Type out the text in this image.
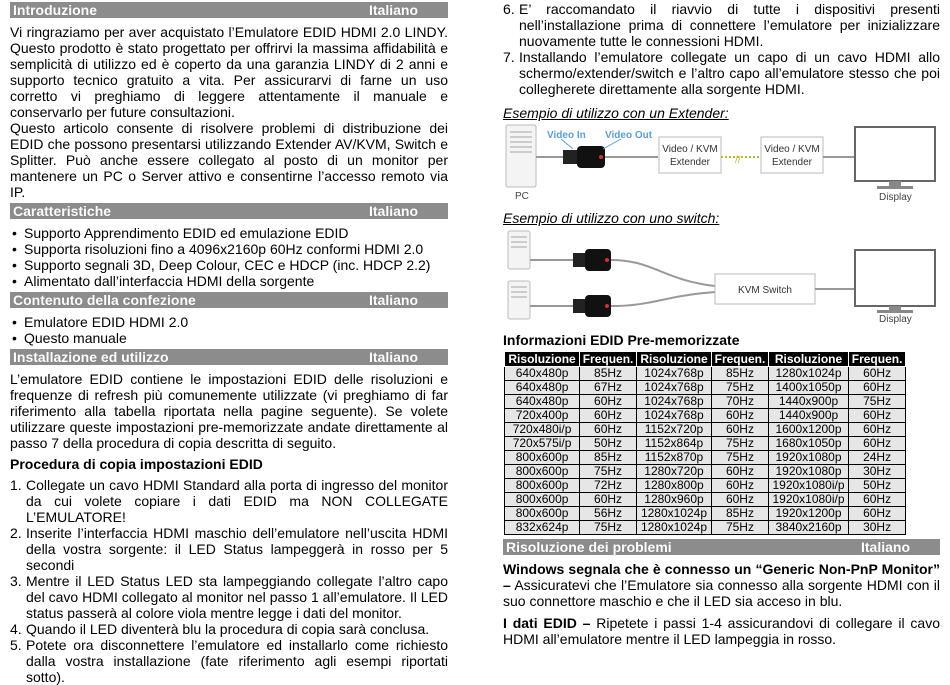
Introduzione	Italiano

Vi ringraziamo per aver acquistato l’Emulatore EDID HDMI 2.0 LINDY. Questo prodotto è stato progettato per offrirvi la massima affidabilità e semplicità di utilizzo ed è coperto da una garanzia LINDY di 2 anni e supporto tecnico gratuito a vita. Per assicurarvi di farne un uso corretto vi preghiamo di leggere attentamente il manuale e conservarlo per future consultazioni.

Questo articolo consente di risolvere problemi di distribuzione dei EDID che possono presentarsi utilizzando Extender AV/KVM, Switch e Splitter. Può anche essere collegato al posto di un monitor per mantenere un PC o Server attivo e consentirne l’accesso remoto via IP.

Caratteristiche	Italiano
• Supporto Apprendimento EDID ed emulazione EDID
• Supporta risoluzioni fino a 4096x2160p 60Hz conformi HDMI 2.0
• Supporto segnali 3D, Deep Colour, CEC e HDCP (inc. HDCP 2.2)
• Alimentato dall’interfaccia HDMI della sorgente
Contenuto della confezione	Italiano
• Emulatore EDID HDMI 2.0
• Questo manuale
Installazione ed utilizzo	Italiano

L’emulatore EDID contiene le impostazioni EDID delle risoluzioni e frequenze di refresh più comunemente utilizzate (vi preghiamo di far riferimento alla tabella riportata nella pagine seguente). Se volete utilizzare queste impostazioni pre-memorizzate andate direttamente al passo 7 della procedura di copia descritta di seguito.

Procedura di copia impostazioni EDID
1. Collegate un cavo HDMI Standard alla porta di ingresso del monitor da cui volete copiare i dati EDID ma NON COLLEGATE L’EMULATORE!
2. Inserite l’interfaccia HDMI maschio dell’emulatore nell’uscita HDMI della vostra sorgente: il LED Status lampeggerà in rosso per 5 secondi
3. Mentre il LED Status LED sta lampeggiando collegate l’altro capo del cavo HDMI collegato al monitor nel passo 1 all’emulatore. Il LED status passerà al colore viola mentre legge i dati del monitor.
4. Quando il LED diventerà blu la procedura di copia sarà conclusa.
5. Potete ora disconnettere l’emulatore ed installarlo come richiesto dalla vostra installazione (fate riferimento agli esempi riportati sotto).
6. E’ raccomandato il riavvio di tutte i dispositivi presenti nell’installazione prima di connettere l’emulatore per inizializzare nuovamente tutte le connessioni HDMI.
7. Installando l’emulatore collegate un capo di un cavo HDMI allo schermo/extender/switch e l’altro capo all’emulatore stesso che poi collegherete direttamente alla sorgente HDMI.
Esempio di utilizzo con un Extender:
PC
Video In Video Out
Video / KVM
Extender //
Video / KVM
Extender
Display
Esempio di utilizzo con uno switch:
KVM Switch
Display
Informazioni EDID Pre-memorizzate
Risoluzione	Frequen.	Risoluzione	Frequen.	Risoluzione	Frequen.
640x480p	85Hz	1024x768p	85Hz	1280x1024p	60Hz
640x480p	67Hz	1024x768p	75Hz	1400x1050p	60Hz
640x480p	60Hz	1024x768p	70Hz	1440x900p	75Hz
720x400p	60Hz	1024x768p	60Hz	1440x900p	60Hz
720x480i/p	60Hz	1152x720p	60Hz	1600x1200p	60Hz
720x575i/p	50Hz	1152x864p	75Hz	1680x1050p	60Hz
800x600p	85Hz	1152x870p	75Hz	1920x1080p	24Hz
800x600p	75Hz	1280x720p	60Hz	1920x1080p	30Hz
800x600p	72Hz	1280x800p	60Hz	1920x1080i/p	50Hz
800x600p	60Hz	1280x960p	60Hz	1920x1080i/p	60Hz
800x600p	56Hz	1280x1024p	85Hz	1920x1200p	60Hz
832x624p	75Hz	1280x1024p	75Hz	3840x2160p	30Hz
Risoluzione dei problemi	Italiano

Windows segnala che è connesso un “Generic Non-PnP Monitor” – Assicuratevi che l’Emulatore sia connesso alla sorgente HDMI con il suo connettore maschio e che il LED sia acceso in blu.

I dati EDID – Ripetete i passi 1-4 assicurandovi di collegare il cavo HDMI all’emulatore mentre il LED lampeggia in rosso.
